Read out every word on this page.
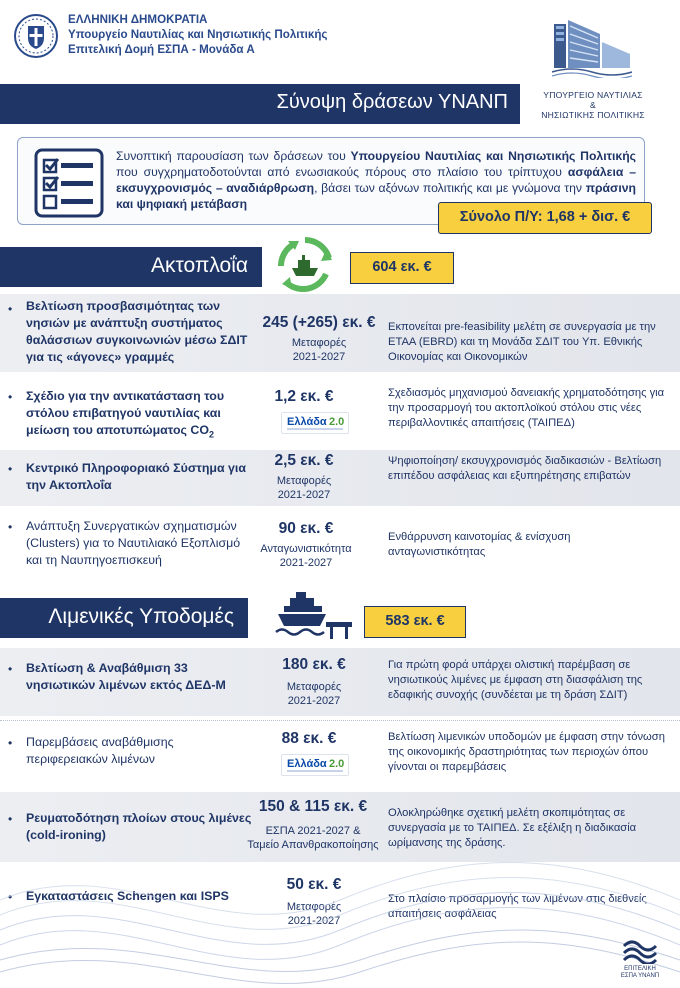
ΕΛΛΗΝΙΚΗ ΔΗΜΟΚΡΑΤΙΑ
Υπουργείο Ναυτιλίας και Νησιωτικής Πολιτικής
Επιτελική Δομή ΕΣΠΑ - Μονάδα Α
ΥΠΟΥΡΓΕΙΟ ΝΑΥΤΙΛΙΑΣ
&
ΝΗΣΙΩΤΙΚΗΣ ΠΟΛΙΤΙΚΗΣ
Σύνοψη δράσεων ΥΝΑΝΠ
Συνοπτική παρουσίαση των δράσεων του Υπουργείου Ναυτιλίας και Νησιωτικής Πολιτικής που συγχρηματοδοτούνται από ενωσιακούς πόρους στο πλαίσιο του τρίπτυχου ασφάλεια – εκσυγχρονισμός – αναδιάρθρωση, βάσει των αξόνων πολιτικής και με γνώμονα την πράσινη και ψηφιακή μετάβαση
Σύνολο Π/Υ: 1,68 + δισ. €
Ακτοπλοΐα	604 εκ. €
• Βελτίωση προσβασιμότητας των νησιών με ανάπτυξη συστήματος θαλάσσιων συγκοινωνιών μέσω ΣΔΙΤ για τις «άγονες» γραμμές
245 (+265) εκ. €
Μεταφορές
2021-2027
Εκπονείται pre-feasibility μελέτη σε συνεργασία με την ΕΤΑΑ (EBRD) και τη Μονάδα ΣΔΙΤ του Υπ. Εθνικής Οικονομίας και Οικονομικών
• Σχέδιο για την αντικατάσταση του στόλου επιβατηγού ναυτιλίας και μείωση του αποτυπώματος $CO_2$
1,2 εκ. €
Ελλάδα 2.0
Σχεδιασμός μηχανισμού δανειακής χρηματοδότησης για την προσαρμογή του ακτοπλοϊκού στόλου στις νέες περιβαλλοντικές απαιτήσεις (ΤΑΙΠΕΔ)
• Κεντρικό Πληροφοριακό Σύστημα για την Ακτοπλοΐα
2,5 εκ. €
Μεταφορές
2021-2027
Ψηφιοποίηση/ εκσυγχρονισμός διαδικασιών - Βελτίωση επιπέδου ασφάλειας και εξυπηρέτησης επιβατών
• Ανάπτυξη Συνεργατικών σχηματισμών (Clusters) για το Ναυτιλιακό Εξοπλισμό και τη Ναυπηγοεπισκευή
90 εκ. €
Ανταγωνιστικότητα
2021-2027
Ενθάρρυνση καινοτομίας & ενίσχυση ανταγωνιστικότητας
Λιμενικές Υποδομές	583 εκ. €
• Βελτίωση & Αναβάθμιση 33 νησιωτικών λιμένων εκτός ΔΕΔ-Μ
180 εκ. €
Μεταφορές
2021-2027
Για πρώτη φορά υπάρχει ολιστική παρέμβαση σε νησιωτικούς λιμένες με έμφαση στη διασφάλιση της εδαφικής συνοχής (συνδέεται με τη δράση ΣΔΙΤ)
• Παρεμβάσεις αναβάθμισης περιφερειακών λιμένων
88 εκ. €
Ελλάδα 2.0
Βελτίωση λιμενικών υποδομών με έμφαση στην τόνωση της οικονομικής δραστηριότητας των περιοχών όπου γίνονται οι παρεμβάσεις
• Ρευματοδότηση πλοίων στους λιμένες (cold-ironing)
150 & 115 εκ. €
ΕΣΠΑ 2021-2027 &
Ταμείο Απανθρακοποίησης
Ολοκληρώθηκε σχετική μελέτη σκοπιμότητας σε συνεργασία με το ΤΑΙΠΕΔ. Σε εξέλιξη η διαδικασία ωρίμανσης της δράσης.
• Εγκαταστάσεις Schengen και ISPS
50 εκ. €
Μεταφορές
2021-2027
Στο πλαίσιο προσαρμογής των λιμένων στις διεθνείς απαιτήσεις ασφάλειας
ΕΠΙΤΕΛΙΚΗ
ΕΣΠΑ ΥΝΑΝΠ
